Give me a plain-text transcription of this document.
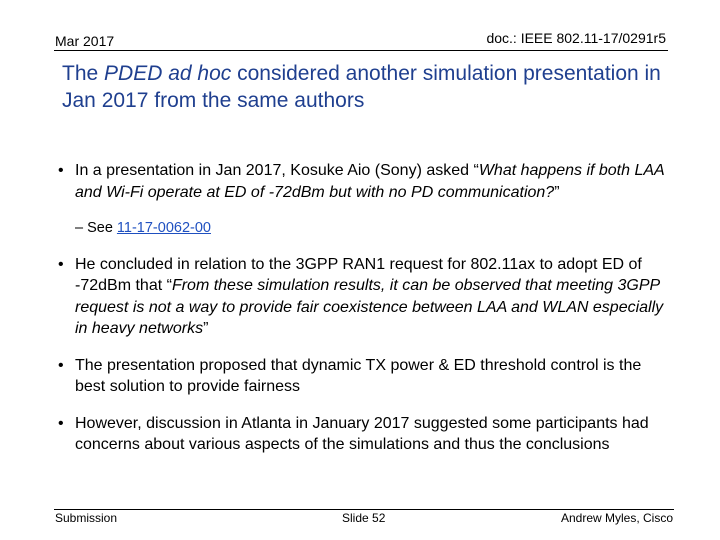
Mar 2017	doc.: IEEE 802.11-17/0291r5
The PDED ad hoc considered another simulation presentation in Jan 2017 from the same authors
• In a presentation in Jan 2017, Kosuke Aio (Sony) asked “What happens if both LAA and Wi-Fi operate at ED of -72dBm but with no PD communication?”
– See 11-17-0062-00
• He concluded in relation to the 3GPP RAN1 request for 802.11ax to adopt ED of -72dBm that “From these simulation results, it can be observed that meeting 3GPP request is not a way to provide fair coexistence between LAA and WLAN especially in heavy networks”
• The presentation proposed that dynamic TX power & ED threshold control is the best solution to provide fairness
• However, discussion in Atlanta in January 2017 suggested some participants had concerns about various aspects of the simulations and thus the conclusions
Submission	Slide 52	Andrew Myles, Cisco
